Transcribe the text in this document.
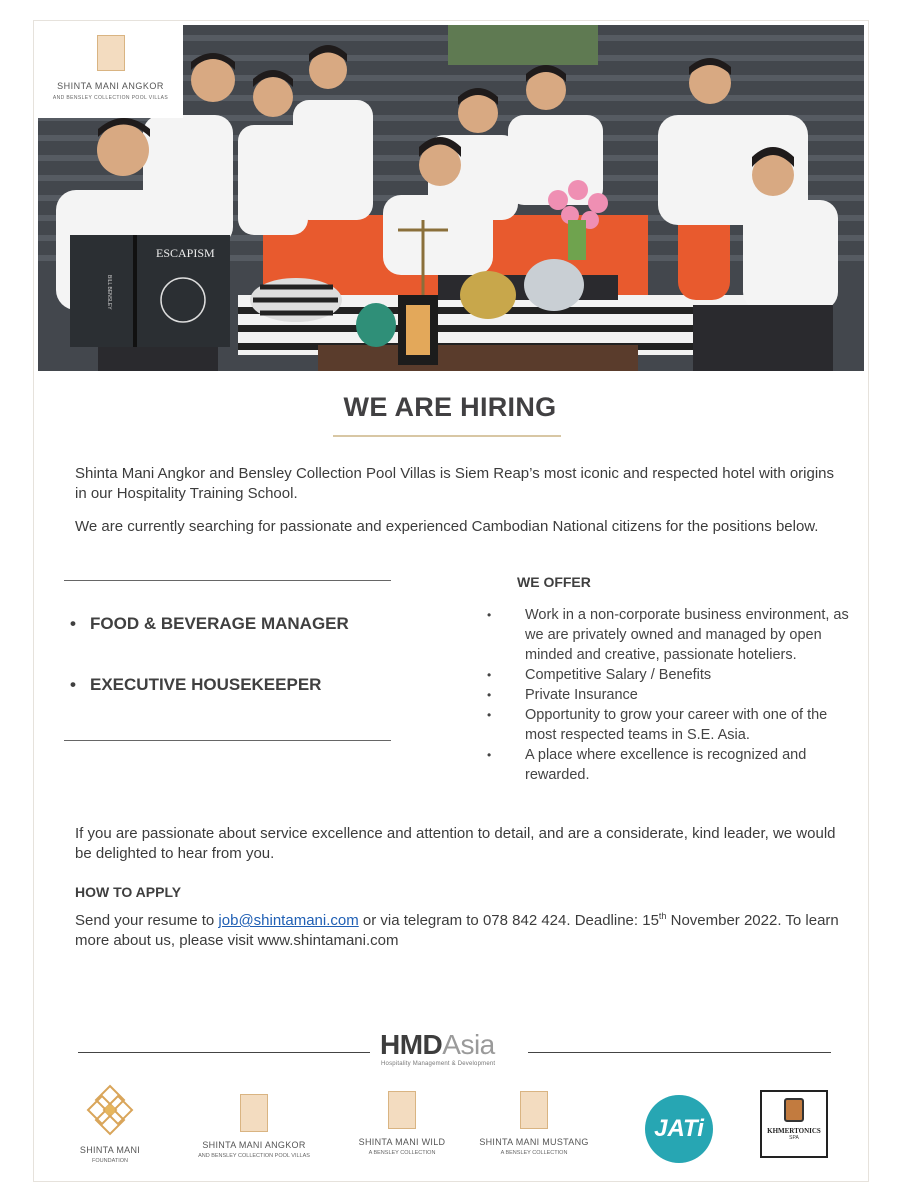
ESCAPISM
BILL BENSLEY
SHINTA MANI ANGKOR
AND BENSLEY COLLECTION POOL VILLAS
WE ARE HIRING
Shinta Mani Angkor and Bensley Collection Pool Villas is Siem Reap’s most iconic and respected hotel with origins in our Hospitality Training School.
We are currently searching for passionate and experienced Cambodian National citizens for the positions below.
• FOOD & BEVERAGE MANAGER
• EXECUTIVE HOUSEKEEPER
WE OFFER
• Work in a non-corporate business environment, as we are privately owned and managed by open minded and creative, passionate hoteliers.
• Competitive Salary / Benefits
• Private Insurance
• Opportunity to grow your career with one of the most respected teams in S.E. Asia.
• A place where excellence is recognized and rewarded.
If you are passionate about service excellence and attention to detail, and are a considerate, kind leader, we would be delighted to hear from you.
HOW TO APPLY
Send your resume to job@shintamani.com or via telegram to 078 842 424. Deadline: 15th November 2022. To learn more about us, please visit www.shintamani.com
HMDAsia
Hospitality Management & Development
SHINTA MANI
FOUNDATION
SHINTA MANI ANGKOR
AND BENSLEY COLLECTION POOL VILLAS
SHINTA MANI WILD
A BENSLEY COLLECTION
SHINTA MANI MUSTANG
A BENSLEY COLLECTION
JATi	KHMERTONICS
SPA
